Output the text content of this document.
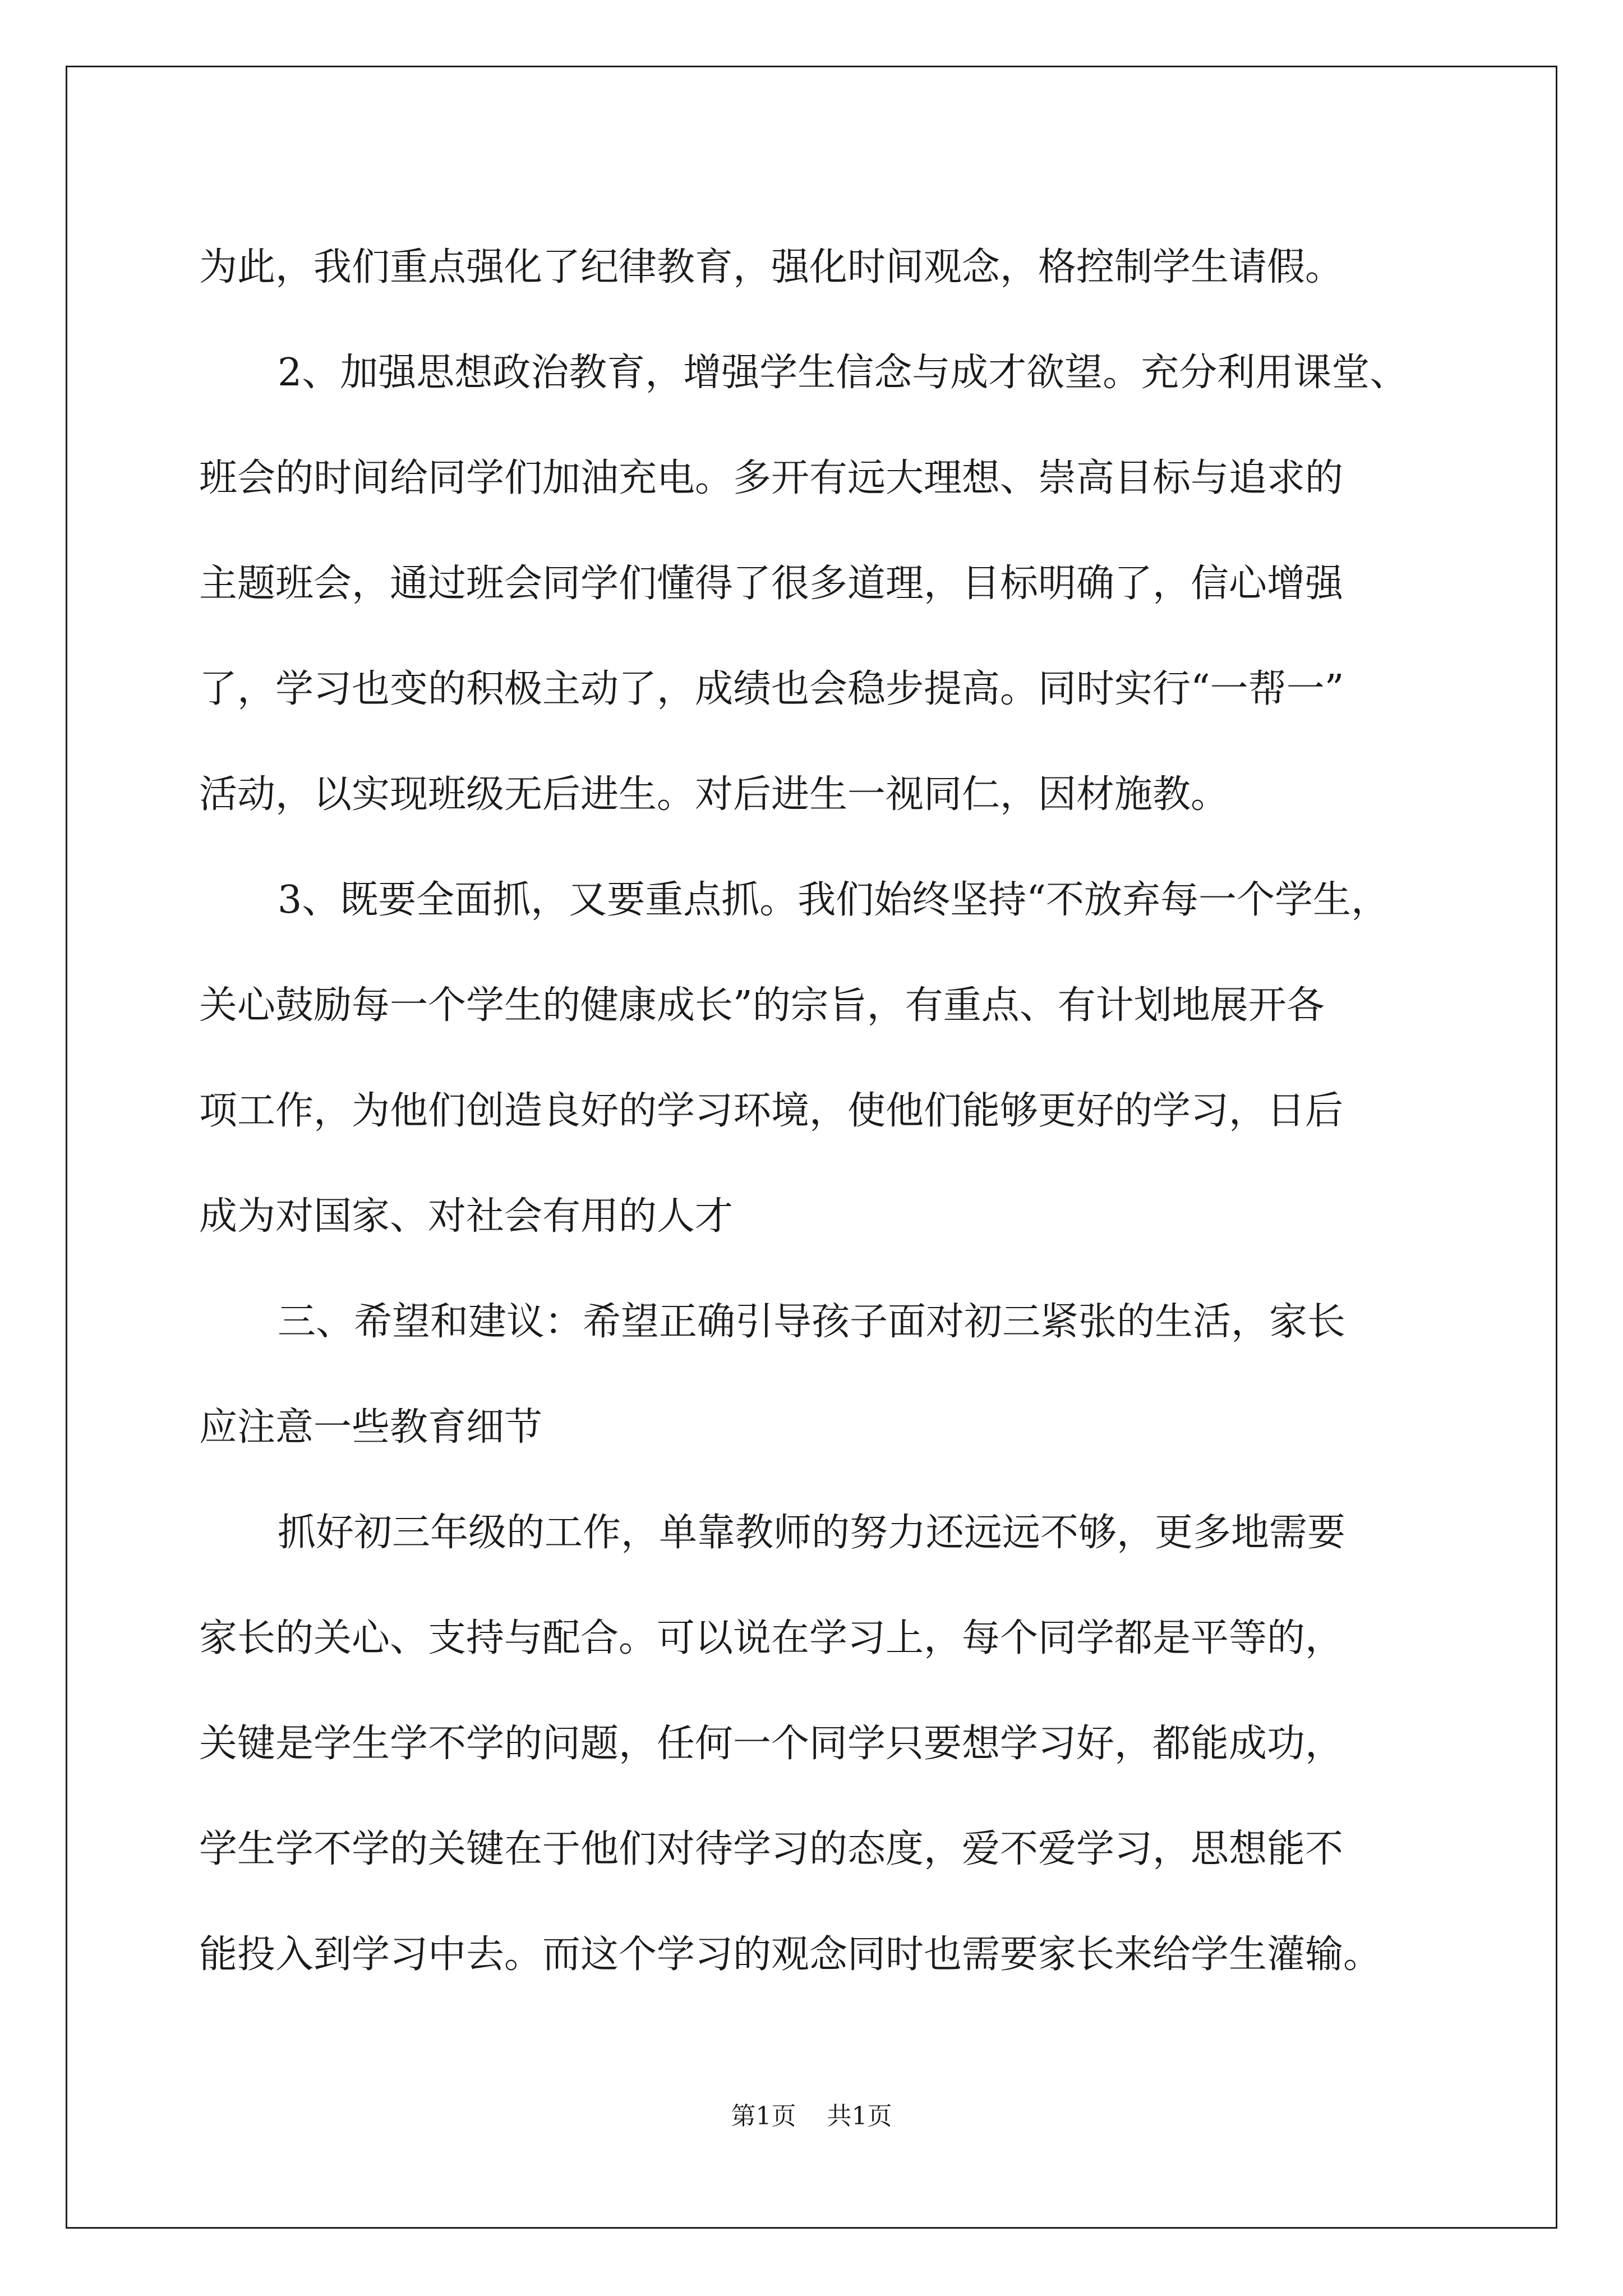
为此，我们重点强化了纪律教育，强化时间观念，格控制学生请假。
2、加强思想政治教育，增强学生信念与成才欲望。充分利用课堂、
班会的时间给同学们加油充电。多开有远大理想、崇高目标与追求的
主题班会，通过班会同学们懂得了很多道理，目标明确了，信心增强
了，学习也变的积极主动了，成绩也会稳步提高。同时实行“一帮一”
活动，以实现班级无后进生。对后进生一视同仁，因材施教。
3、既要全面抓，又要重点抓。我们始终坚持“不放弃每一个学生，
关心鼓励每一个学生的健康成长”的宗旨，有重点、有计划地展开各
项工作，为他们创造良好的学习环境，使他们能够更好的学习，日后
成为对国家、对社会有用的人才
三、希望和建议：希望正确引导孩子面对初三紧张的生活，家长
应注意一些教育细节
抓好初三年级的工作，单靠教师的努力还远远不够，更多地需要
家长的关心、支持与配合。可以说在学习上，每个同学都是平等的，
关键是学生学不学的问题，任何一个同学只要想学习好，都能成功，
学生学不学的关键在于他们对待学习的态度，爱不爱学习，思想能不
能投入到学习中去。而这个学习的观念同时也需要家长来给学生灌输。
第1页 共1页
